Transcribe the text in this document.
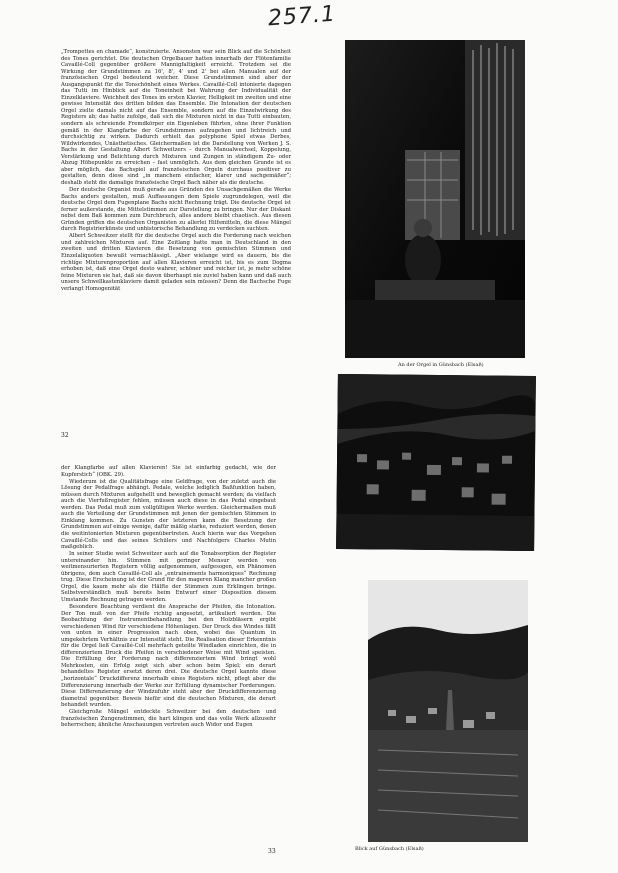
257.1

„Trompettes en chamade“, konstruierte. Ansonsten war sein Blick auf die Schönheit des Tones gerichtet. Die deutschen Orgelbauer hatten innerhalb der Flötenfamilie Cavaillé-Coll gegenüber größere Mannigfaltigkeit erreicht. Trotzdem sei die Wirkung der Grundstimmen zu 16', 8', 4' und 2' bei allen Manualen auf der französischen Orgel bedeutend weicher. Diese Grundstimmen sind aber der Ausgangspunkt für die Tonschönheit eines Werkes. Cavaillé-Coll intonierte dagegen das Tutti im Hinblick auf die Toneinheit bei Wahrung der Individualität der Einzelklaviere. Weichheit des Tones im ersten Klavier, Helligkeit im zweiten und eine gewisse Intensität des dritten bilden das Ensemble. Die Intonation der deutschen Orgel zielte damals nicht auf das Ensemble, sondern auf die Einzelwirkung des Registers ab; das hatte zufolge, daß sich die Mixturen nicht in das Tutti einbauten, sondern als schreiende Fremdkörper ein Eigenleben führten, ohne ihrer Funktion gemäß in der Klangfarbe der Grundstimmen aufzugehen und lichtreich und durchsichtig zu wirken. Dadurch erhielt das polyphone Spiel etwas Derbes, Wildwirkendes, Unästhetisches. Gleichermaßen ist die Darstellung von Werken J. S. Bachs in der Gestaltung Albert Schweitzers – durch Manualwechsel, Koppelung, Verstärkung und Belichtung durch Mixturen und Zungen in ständigem Zu- oder Abzug Höhepunkte zu erreichen – fast unmöglich. Aus dem gleichen Grunde ist es aber möglich, das Bachspiel auf französischen Orgeln durchaus positiver zu gestalten, denn diese sind „in manchem einfacher, klarer und sachgemäßer“; deshalb steht die damalige französische Orgel Bach näher als die deutsche.

Der deutsche Organist muß gerade aus Gründen des Unsachgemäßen die Werke Bachs anders gestalten, muß Auffassungen dem Spiele zugrundelegen, weil die deutsche Orgel dem Fugenplane Bachs nicht Rechnung trägt. Die deutsche Orgel ist ferner außerstande, die Mittelstimmen zur Darstellung zu bringen. Nur der Diskant nebst dem Baß kommen zum Durchbruch, alles andere bleibt chaotisch. Aus diesen Gründen griffen die deutschen Organisten zu allerlei Hilfsmitteln, die diese Mängel durch Registrierkünste und unhistorische Behandlung zu verdecken suchten.

Albert Schweitzer stellt für die deutsche Orgel auch die Forderung nach weichen und zahlreichen Mixturen auf. Eine Zeitlang hatte man in Deutschland in den zweiten und dritten Klavieren die Besetzung von gemischten Stimmen und Einzelaliquoten bewußt vernachlässigt. „Aber wielange wird es dauern, bis die richtige Mixturenproportion auf allen Klavieren erreicht ist, bis es zum Dogma erhoben ist, daß eine Orgel desto wahrer, schöner und reicher ist, je mehr schöne feine Mixturen sie hat, daß sie davon überhaupt nie zuviel haben kann und daß auch unsere Schwellkastenklaviere damit geladen sein müssen? Denn die Bachsche Fuge verlangt Homogenität

32

der Klangfarbe auf allen Klavieren! Sie ist einfarbig gedacht, wie der Kupferstich“ (OBK. 29).

Wiederum ist die Qualitätsfrage eine Geldfrage, von der zuletzt auch die Lösung der Pedalfrage abhängt. Pedale, welche lediglich Baßfunktion haben, müssen durch Mixturen aufgehellt und beweglich gemacht werden; da vielfach auch die Vierfußregister fehlen, müssen auch diese in das Pedal eingebaut werden. Das Pedal muß zum vollgültigen Werke werden. Gleichermaßen muß auch die Verteilung der Grundstimmen mit jenen der gemischten Stimmen in Einklang kommen. Zu Gunsten der letzteren kann die Besetzung der Grundstimmen auf einige wenige, dafür mäßig starke, reduziert werden, denen die weitintonierten Mixturen gegenübertreten. Auch hierin war das Vorgehen Cavaillé-Colls und das seines Schülers und Nachfolgers Charles Mutin maßgeblich.

In seiner Studie weist Schweitzer auch auf die Tonabsorption der Register untereinander hin. Stimmen mit geringer Mensur werden von weitmensurierten Registern völlig aufgenommen, aufgesogen, ein Phänomen übrigens, dem auch Cavaillé-Coll als „entrainements harmoniques“ Rechnung trug. Diese Erscheinung ist der Grund für den mageren Klang mancher großen Orgel, die kaum mehr als die Hälfte der Stimmen zum Erklingen bringe. Selbstverständlich muß bereits beim Entwurf einer Disposition diesem Umstande Rechnung getragen werden.

Besondere Beachtung verdient die Ansprache der Pfeifen, die Intonation. Der Ton muß von der Pfeife richtig angesetzt, artikuliert werden. Die Beobachtung der Instrumentbehandlung bei den Holzbläsern ergibt verschiedenen Wind für verschiedene Höhenlagen. Der Druck des Windes fällt von unten in einer Progression nach oben, wobei das Quantum in umgekehrtem Verhältnis zur Intensität steht. Die Realisation dieser Erkenntnis für die Orgel ließ Cavaillé-Coll mehrfach geteilte Windladen einrichten, die in differenziertem Druck die Pfeifen in verschiedener Weise mit Wind speisten. Die Erfüllung der Forderung nach differenziertem Wind bringt wohl Mehrkosten, ein Erfolg zeigt sich aber schon beim Spiel; ein derart behandeltes Register ersetzt deren drei. Die deutsche Orgel kannte diese „horizontale“ Druckdifferenz innerhalb eines Registers nicht, pflegt aber die Differenzierung innerhalb der Werke zur Erfüllung dynamischer Forderungen. Diese Differenzierung der Windzufuhr steht aber der Druckdifferenzierung diametral gegenüber. Beweis hiefür sind die deutschen Mixturen, die derart behandelt wurden.

Gleichgroße Mängel entdeckte Schweitzer bei den deutschen und französischen Zungenstimmen, die hart klingen und das volle Werk allzusehr beherrschen; ähnliche Anschauungen vertreten auch Widor und Eugen

33
An der Orgel in Günsbach (Elsaß)
Blick auf Günsbach (Elsaß)
